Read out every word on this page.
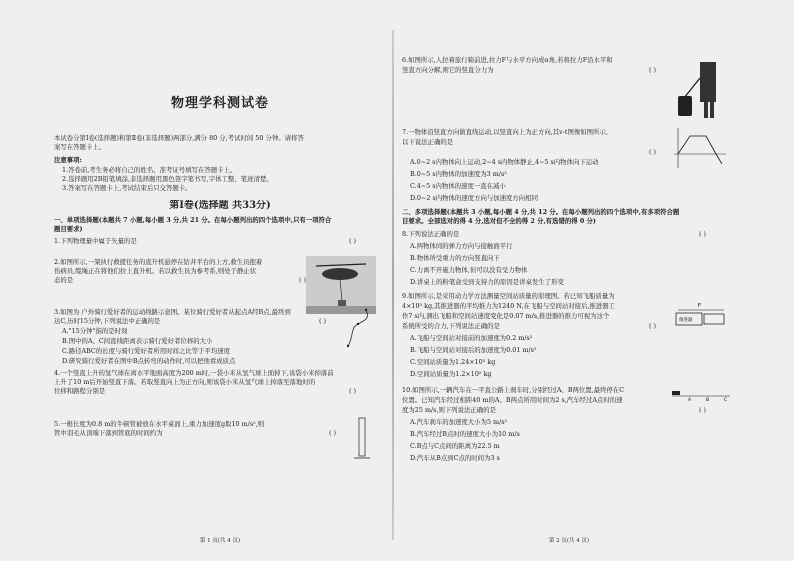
物理学科测试卷
本试卷分第Ⅰ卷(选择题)和第Ⅱ卷(非选择题)两部分,满分 80 分,考试时间 50 分钟。请将答
案写在答题卡上。
注意事项:
1.答卷前,考生务必将自己的姓名、准考证号填写在答题卡上。
2.选择题用2B铅笔填涂,非选择题用黑色签字笔书写,字体工整、笔迹清楚。
3.答案写在答题卡上,考试结束后只交答题卡。
第Ⅰ卷(选择题 共33分)
一、单项选择题(本题共 7 小题,每小题 3 分,共 21 分。在每小题列出的四个选项中,只有一项符合
题目要求)
1.下列物理量中属于矢量的是	( )
2.如图所示,一架执行救援任务的直升机悬停在钻井平台的上方,救生员抱着
伤病员,缆绳正在将他们拉上直升机。若以救生员为参考系,则处于静止状
态的是	( )
3.如图为 户外骑行爱好者的运动线路示意图。某位骑行爱好者从起点A经B点,最终到
达C,历时15分钟,下列说法中正确的是	( )
A."15分钟"指的是时刻
B.图中的A、C间直线距离表示骑行爱好者位移的大小
C.路径ABC的长度与骑行爱好者所用时间之比等于平均速度
D.研究骑行爱好者在图中B点转弯的动作时,可以把他看成质点
4.一个竖直上升的氢气球在离水平地面高度为200 m时,一袋小米从氢气球上面掉下,该袋小米掉落前
上升了10 m后开始竖直下落。若取竖直向上为正方向,则该袋小米从氢气球上掉落至落地时的
位移和路程分别是	( )
5.一根长度为0.8 m的牛顿管被放在水平桌面上,重力加速度g取10 m/s²,则
管中羽毛从顶端下落到管底的时间约为	( )
第 1 页(共 4 页)
6.如图所示,人拉着旅行箱前进,拉力F与水平方向成α角,若将拉力F沿水平和
竖直方向分解,则它的竖直分力为	( )
7.一物体沿竖直方向做直线运动,以竖直向上为正方向,其v-t图像如图所示,
以下说法正确的是
( )
A.0~2 s内物体向上运动,2~4 s内物体静止,4~5 s内物体向下运动
B.0~5 s内物体的加速度为3 m/s²
C.4~5 s内物体的速度一直在减小
D.0~2 s内物体的速度方向与加速度方向相同
二、多项选择题(本题共 3 小题,每小题 4 分,共 12 分。在每小题列出的四个选项中,有多项符合题
目要求。全部选对的得 4 分,选对但不全的得 2 分,有选错的得 0 分)
8.下列说法正确的是	( )
A.两物体间的弹力方向与接触面平行
B.物体所受重力的方向竖直向下
C.力离不开施力物体,但可以没有受力物体
D.讲桌上的粉笔盒受到支持力的原因是讲桌发生了形变
9.如图所示,是采用动力学方法测量空间站质量的原理图。若已知飞船质量为
4×10³ kg,其推进器的平均推力为1240 N,在飞船与空间站对接后,推进器工
作7 s内,测出飞船和空间站速度变化是0.07 m/s,推进器的推力可视为这个
系统所受的合力,下列说法正确的是	( )
A.飞船与空间站对接前的加速度为0.2 m/s²
B.飞船与空间站对接后的加速度为0.01 m/s²
C.空间站质量为1.24×10⁵ kg
D.空间站质量为1.2×10⁵ kg
F
推进器
10.如图所示,一辆汽车在一平直公路上刹车时,分别经过A、B两位置,最终停在C
位置。已知汽车经过相距40 m的A、B两点所用时间为2 s,汽车经过A点时的速
度为25 m/s,则下列说法正确的是	( )
A.汽车刹车的加速度大小为5 m/s²
B.汽车经过B点时的速度大小为10 m/s
C.B点与C点间的距离为22.5 m
D.汽车从B点到C点的时间为3 s
A	B	C
第 2 页(共 4 页)
